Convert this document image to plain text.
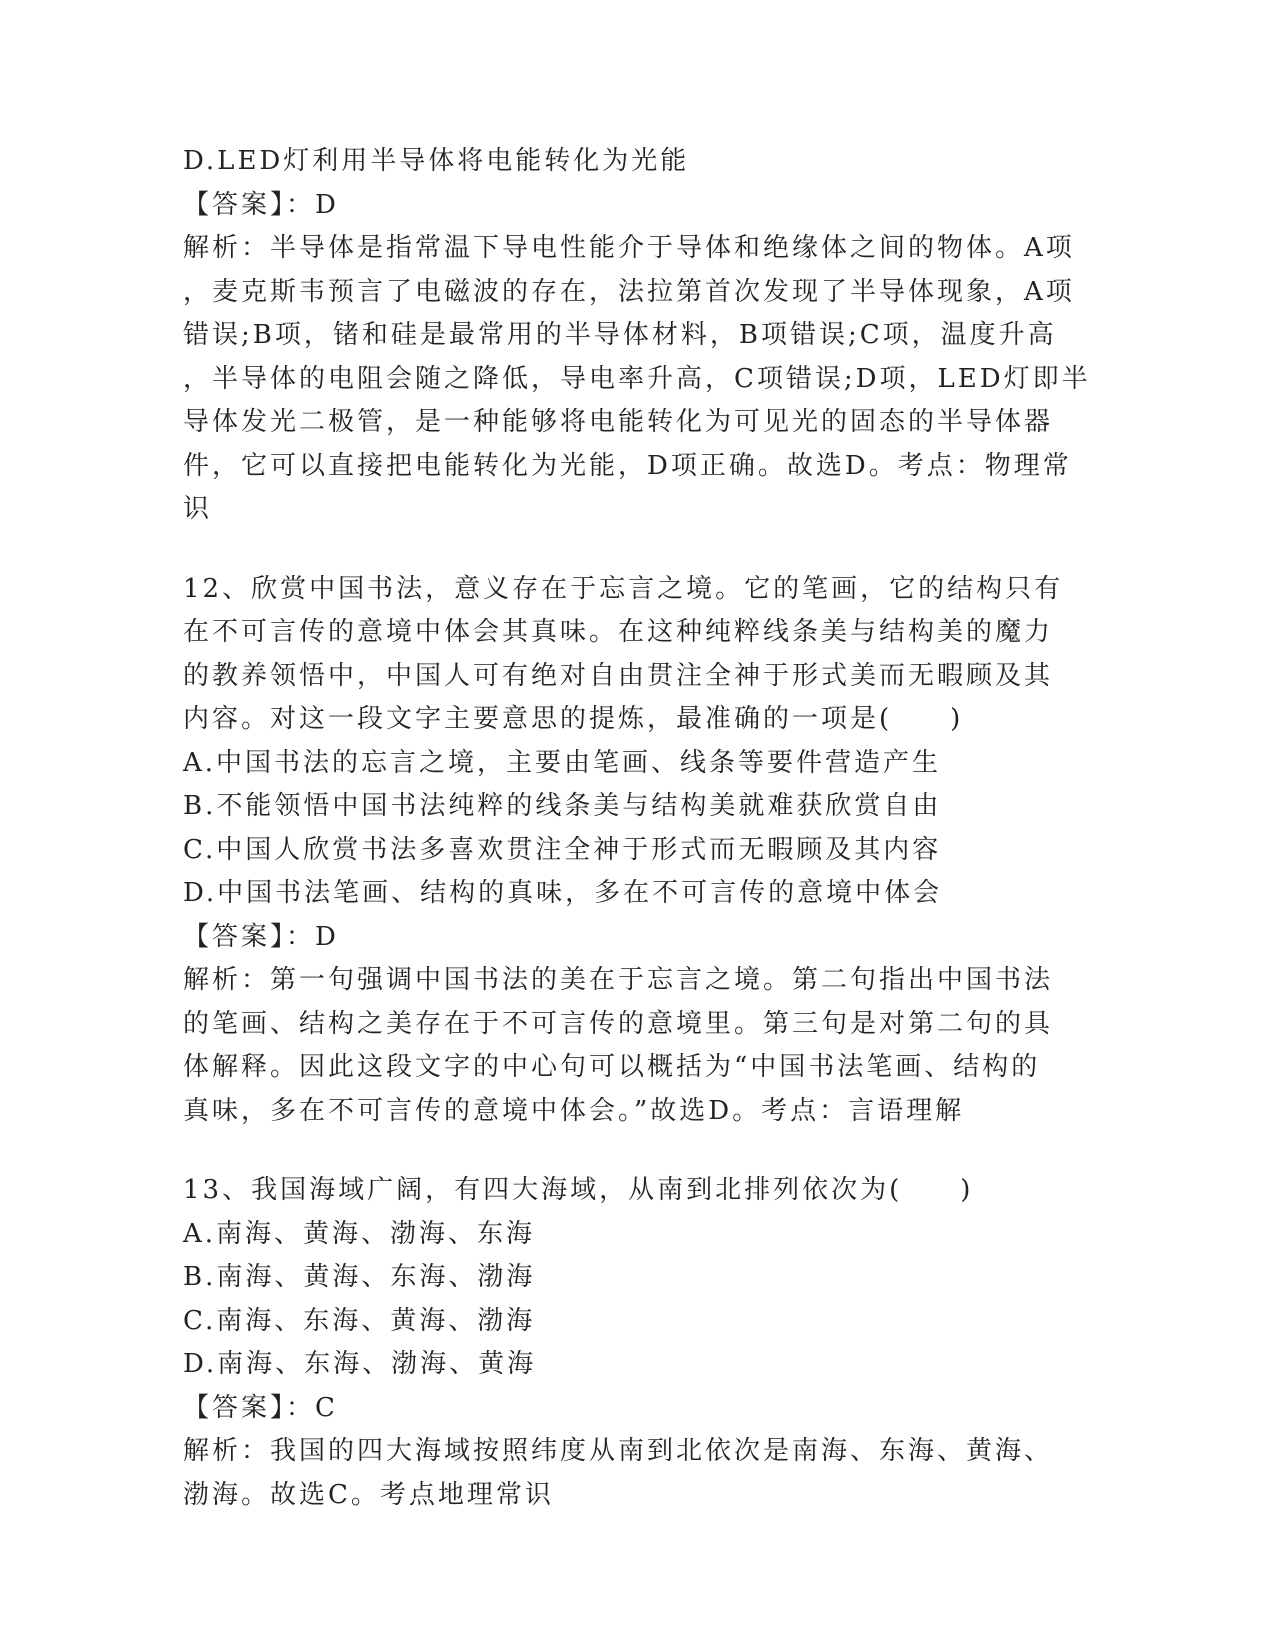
D.LED灯利用半导体将电能转化为光能
【答案】：D
解析：半导体是指常温下导电性能介于导体和绝缘体之间的物体。A项
，麦克斯韦预言了电磁波的存在，法拉第首次发现了半导体现象，A项
错误;B项，锗和硅是最常用的半导体材料，B项错误;C项，温度升高
，半导体的电阻会随之降低，导电率升高，C项错误;D项，LED灯即半
导体发光二极管，是一种能够将电能转化为可见光的固态的半导体器
件，它可以直接把电能转化为光能，D项正确。故选D。考点：物理常
识
12、欣赏中国书法，意义存在于忘言之境。它的笔画，它的结构只有
在不可言传的意境中体会其真味。在这种纯粹线条美与结构美的魔力
的教养领悟中，中国人可有绝对自由贯注全神于形式美而无暇顾及其
内容。对这一段文字主要意思的提炼，最准确的一项是(　　)
A.中国书法的忘言之境，主要由笔画、线条等要件营造产生
B.不能领悟中国书法纯粹的线条美与结构美就难获欣赏自由
C.中国人欣赏书法多喜欢贯注全神于形式而无暇顾及其内容
D.中国书法笔画、结构的真味，多在不可言传的意境中体会
【答案】：D
解析：第一句强调中国书法的美在于忘言之境。第二句指出中国书法
的笔画、结构之美存在于不可言传的意境里。第三句是对第二句的具
体解释。因此这段文字的中心句可以概括为“中国书法笔画、结构的
真味，多在不可言传的意境中体会。”故选D。考点：言语理解
13、我国海域广阔，有四大海域，从南到北排列依次为(　　)
A.南海、黄海、渤海、东海
B.南海、黄海、东海、渤海
C.南海、东海、黄海、渤海
D.南海、东海、渤海、黄海
【答案】：C
解析：我国的四大海域按照纬度从南到北依次是南海、东海、黄海、
渤海。故选C。考点地理常识
